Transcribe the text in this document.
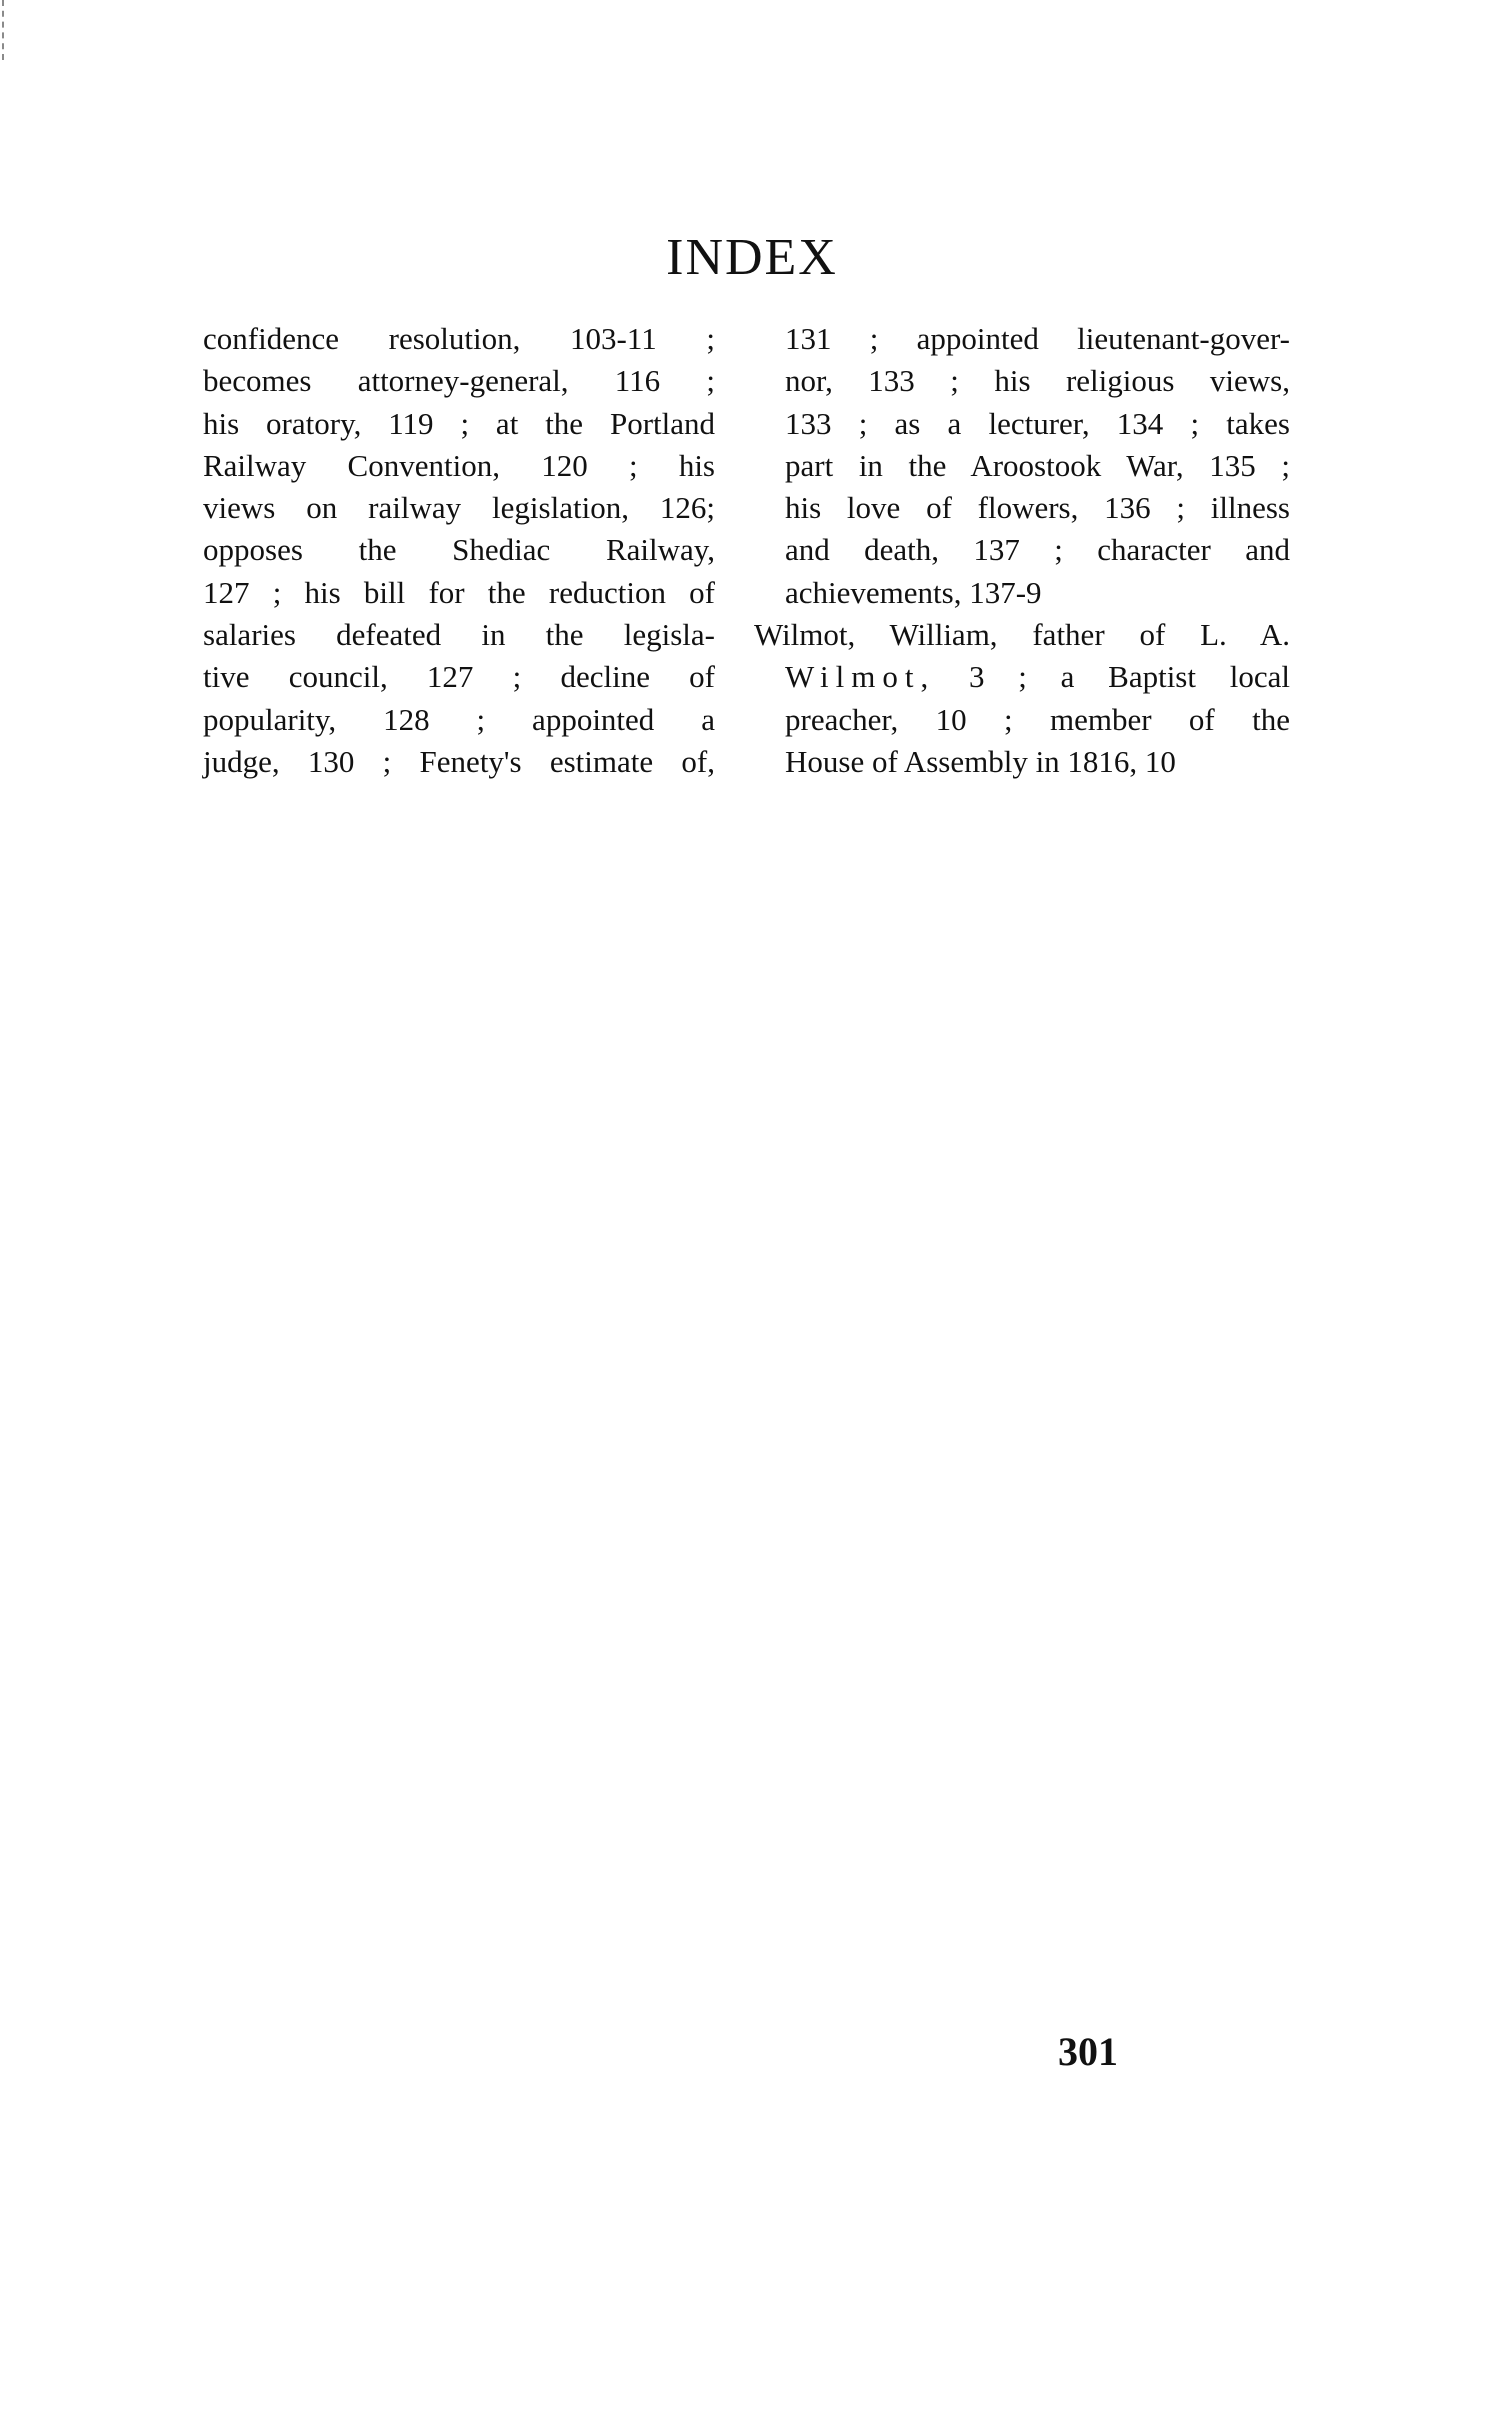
INDEX
confidence resolution, 103-11 ;
becomes attorney-general, 116 ;
his oratory, 119 ; at the Portland
Railway Convention, 120 ; his
views on railway legislation, 126;
opposes the Shediac Railway,
127 ; his bill for the reduction of
salaries defeated in the legisla-
tive council, 127 ; decline of
popularity, 128 ; appointed a
judge, 130 ; Fenety's estimate of,
131 ; appointed lieutenant-gover-
nor, 133 ; his religious views,
133 ; as a lecturer, 134 ; takes
part in the Aroostook War, 135 ;
his love of flowers, 136 ; illness
and death, 137 ; character and
achievements, 137-9
Wilmot, William, father of L. A.
Wilmot, 3 ; a Baptist local
preacher, 10 ; member of the
House of Assembly in 1816, 10
301
